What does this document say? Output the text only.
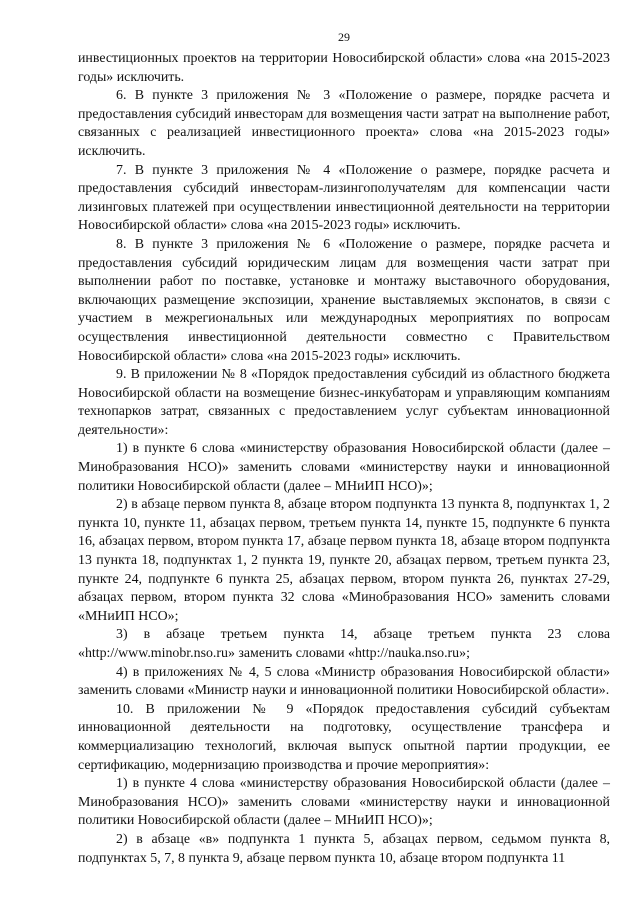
29

инвестиционных проектов на территории Новосибирской области» слова «на 2015-2023 годы» исключить.

6. В пункте 3 приложения № 3 «Положение о размере, порядке расчета и предоставления субсидий инвесторам для возмещения части затрат на выполнение работ, связанных с реализацией инвестиционного проекта» слова «на 2015-2023 годы» исключить.

7. В пункте 3 приложения № 4 «Положение о размере, порядке расчета и предоставления субсидий инвесторам-лизингополучателям для компенсации части лизинговых платежей при осуществлении инвестиционной деятельности на территории Новосибирской области» слова «на 2015-2023 годы» исключить.

8. В пункте 3 приложения № 6 «Положение о размере, порядке расчета и предоставления субсидий юридическим лицам для возмещения части затрат при выполнении работ по поставке, установке и монтажу выставочного оборудования, включающих размещение экспозиции, хранение выставляемых экспонатов, в связи с участием в межрегиональных или международных мероприятиях по вопросам осуществления инвестиционной деятельности совместно с Правительством Новосибирской области» слова «на 2015-2023 годы» исключить.

9. В приложении № 8 «Порядок предоставления субсидий из областного бюджета Новосибирской области на возмещение бизнес-инкубаторам и управляющим компаниям технопарков затрат, связанных с предоставлением услуг субъектам инновационной деятельности»:

1) в пункте 6 слова «министерству образования Новосибирской области (далее – Минобразования НСО)» заменить словами «министерству науки и инновационной политики Новосибирской области (далее – МНиИП НСО)»;

2) в абзаце первом пункта 8, абзаце втором подпункта 13 пункта 8, подпунктах 1, 2 пункта 10, пункте 11, абзацах первом, третьем пункта 14, пункте 15, подпункте 6 пункта 16, абзацах первом, втором пункта 17, абзаце первом пункта 18, абзаце втором подпункта 13 пункта 18, подпунктах 1, 2 пункта 19, пункте 20, абзацах первом, третьем пункта 23, пункте 24, подпункте 6 пункта 25, абзацах первом, втором пункта 26, пунктах 27-29, абзацах первом, втором пункта 32 слова «Минобразования НСО» заменить словами «МНиИП НСО»;

3) в абзаце третьем пункта 14, абзаце третьем пункта 23 слова «http://www.minobr.nso.ru» заменить словами «http://nauka.nso.ru»;

4) в приложениях № 4, 5 слова «Министр образования Новосибирской области» заменить словами «Министр науки и инновационной политики Новосибирской области».

10. В приложении № 9 «Порядок предоставления субсидий субъектам инновационной деятельности на подготовку, осуществление трансфера и коммерциализацию технологий, включая выпуск опытной партии продукции, ее сертификацию, модернизацию производства и прочие мероприятия»:

1) в пункте 4 слова «министерству образования Новосибирской области (далее – Минобразования НСО)» заменить словами «министерству науки и инновационной политики Новосибирской области (далее – МНиИП НСО)»;

2) в абзаце «в» подпункта 1 пункта 5, абзацах первом, седьмом пункта 8, подпунктах 5, 7, 8 пункта 9, абзаце первом пункта 10, абзаце втором подпункта 11
